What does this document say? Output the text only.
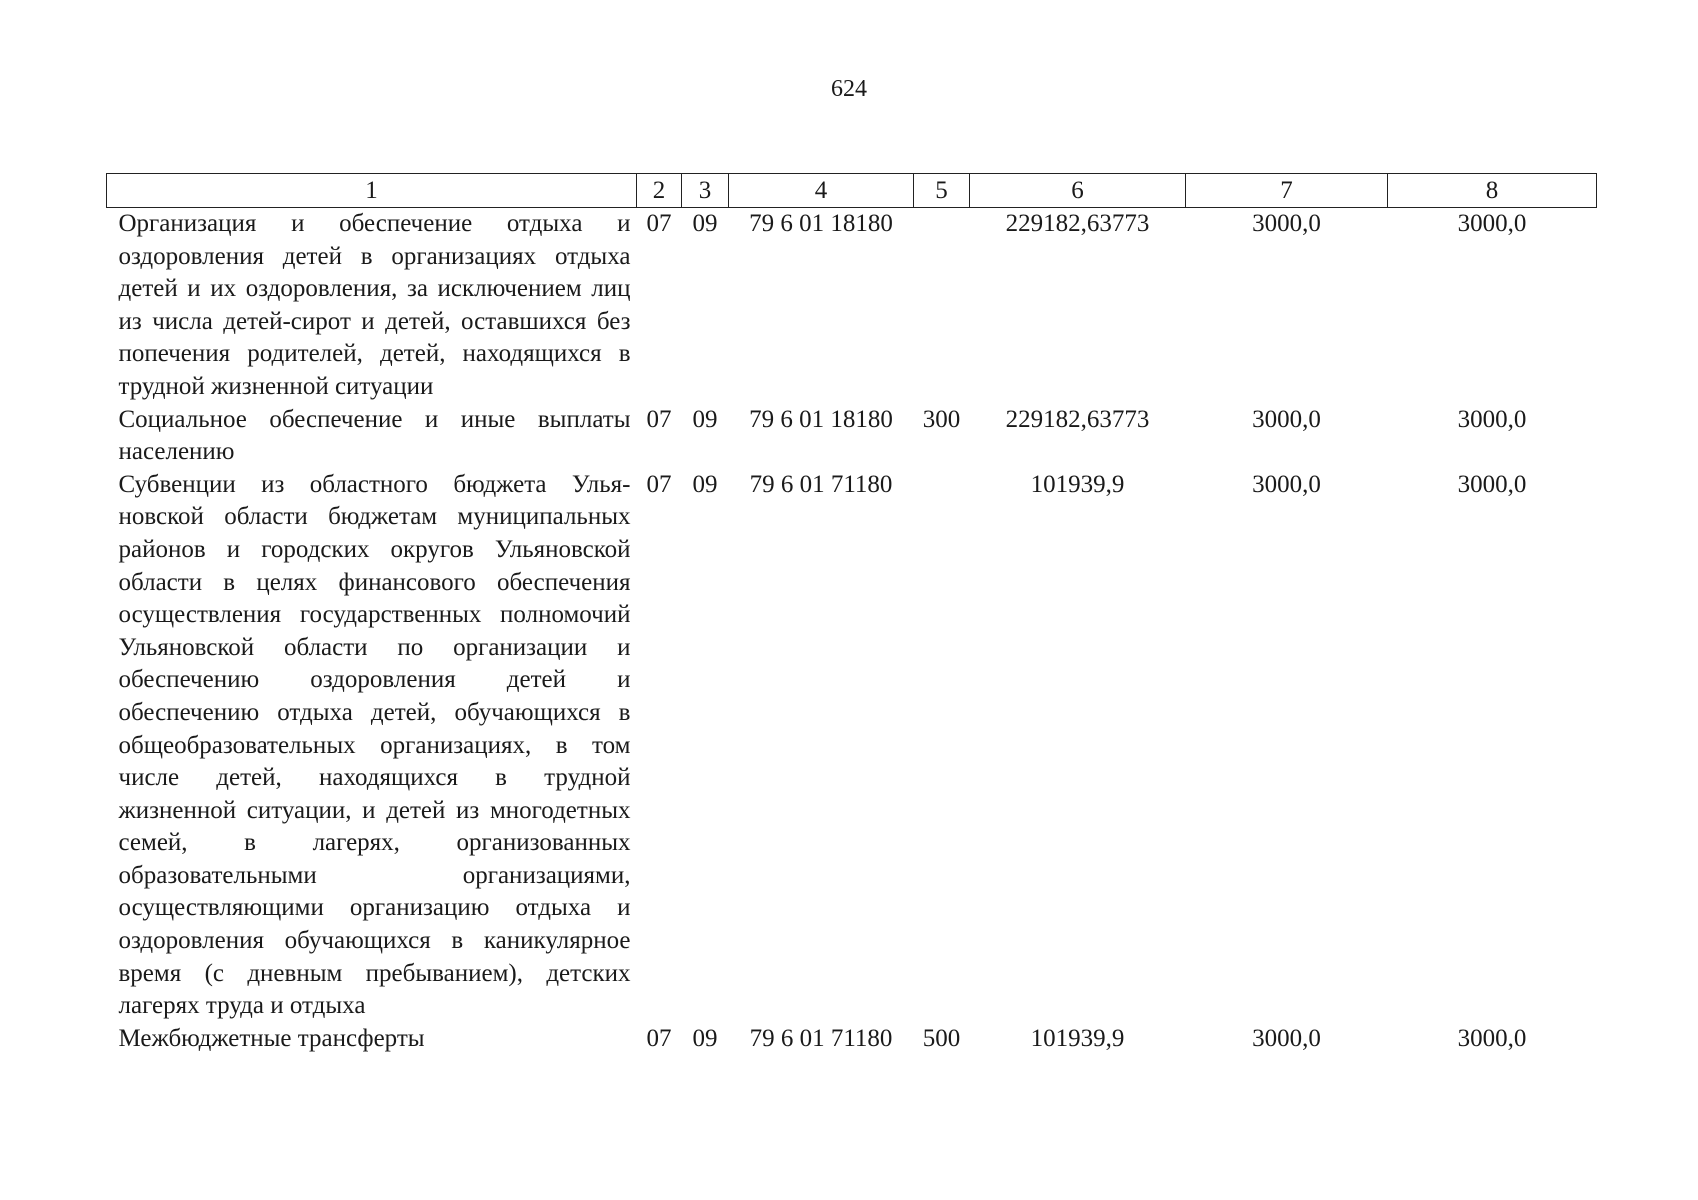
624
1	2	3	4	5	6	7	8
Организация и обеспечение отдыха и оздоровления детей в организациях отдыха детей и их оздоровления, за исключением лиц из числа детей-сирот и детей, оставшихся без попечения родителей, детей, находящихся в трудной жизненной ситуации	07	09	79 6 01 18180		229182,63773	3000,0	3000,0
Социальное обеспечение и иные выплаты населению	07	09	79 6 01 18180	300	229182,63773	3000,0	3000,0
Субвенции из областного бюджета Ульяновской области бюджетам муниципальных районов и городских округов Ульяновской области в целях финансового обеспечения осуществления государственных полномочий Ульяновской области по организации и обеспечению оздоровления детей и обеспечению отдыха детей, обучающихся в общеобразовательных организациях, в том числе детей, находящихся в трудной жизненной ситуации, и детей из многодетных семей, в лагерях, организованных образовательными организациями, осуществляющими организацию отдыха и оздоровления обучающихся в каникулярное время (с дневным пребыванием), детских лагерях труда и отдыха	07	09	79 6 01 71180		101939,9	3000,0	3000,0
Межбюджетные трансферты	07	09	79 6 01 71180	500	101939,9	3000,0	3000,0
